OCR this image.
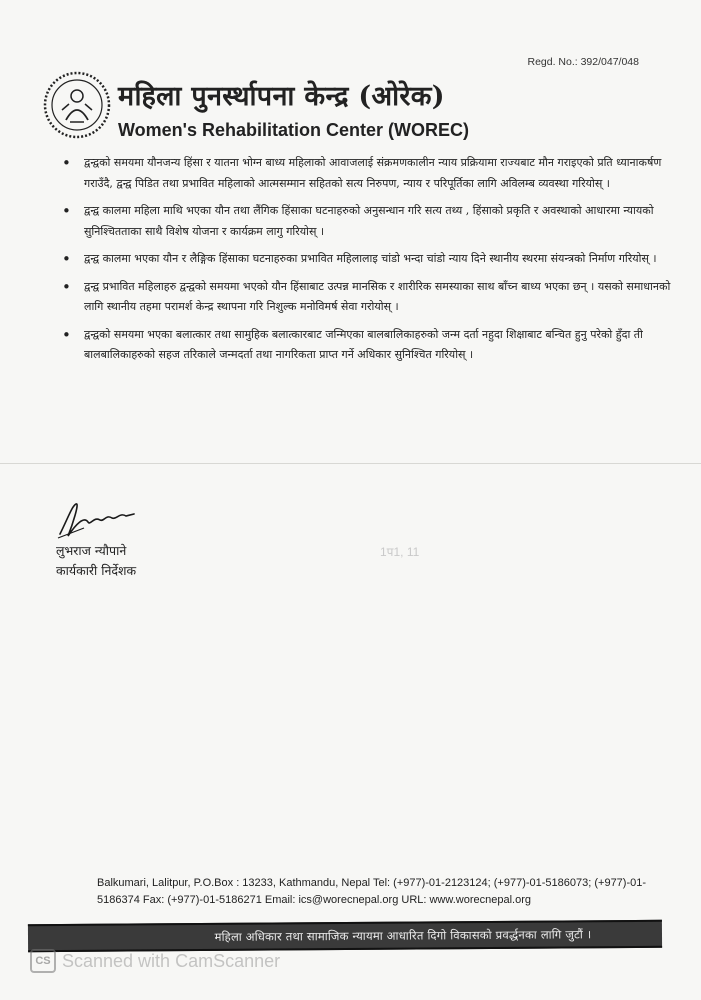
Regd. No.: 392/047/048
महिला पुनर्स्थापना केन्द्र (ओरेक)
Women's Rehabilitation Center (WOREC)
• द्वन्द्वको समयमा यौनजन्य हिंसा र यातना भोग्न बाध्य महिलाको आवाजलाई संक्रमणकालीन न्याय प्रक्रियामा राज्यबाट मौन गराइएको प्रति ध्यानाकर्षण गराउँदै, द्वन्द्व पिडित तथा प्रभावित महिलाको आत्मसम्मान सहितको सत्य निरुपण, न्याय र परिपूर्तिका लागि अविलम्ब व्यवस्था गरियोस् ।
• द्वन्द्व कालमा महिला माथि भएका यौन तथा लैंगिक हिंसाका घटनाहरुको अनुसन्धान गरि सत्य तथ्य , हिंसाको प्रकृति र अवस्थाको आधारमा न्यायको सुनिश्चितताका साथै विशेष योजना र कार्यक्रम लागु गरियोस् ।
• द्वन्द्व कालमा भएका यौन र लैङ्गिक हिंसाका घटनाहरुका प्रभावित महिलालाइ चांडो भन्दा चांडो न्याय दिने स्थानीय स्थरमा संयन्त्रको निर्माण गरियोस् ।
• द्वन्द्व प्रभावित महिलाहरु द्वन्द्वको समयमा भएको यौन हिंसाबाट उत्पन्न मानसिक र शारीरिक समस्याका साथ बाँच्न बाध्य भएका छन् । यसको समाधानको लागि स्थानीय तहमा परामर्श केन्द्र स्थापना गरि निशुल्क मनोविमर्ष सेवा गरोयोस् ।
• द्वन्द्वको समयमा भएका बलात्कार तथा सामुहिक बलात्कारबाट जन्मिएका बालबालिकाहरुको जन्म दर्ता नहुदा शिक्षाबाट बन्चित हुनु परेको हुँदा ती बालबालिकाहरुको सहज तरिकाले जन्मदर्ता तथा नागरिकता प्राप्त गर्ने अधिकार सुनिश्चित गरियोस् ।
1प1, 11
लुभराज न्यौपाने
कार्यकारी निर्देशक
Balkumari, Lalitpur, P.O.Box : 13233, Kathmandu, Nepal Tel: (+977)-01-2123124; (+977)-01-5186073; (+977)-01-5186374 Fax: (+977)-01-5186271 Email: ics@worecnepal.org URL: www.worecnepal.org
महिला अधिकार तथा सामाजिक न्यायमा आधारित दिगो विकासको प्रवर्द्धनका लागि जुटौं ।
CS Scanned with CamScanner
